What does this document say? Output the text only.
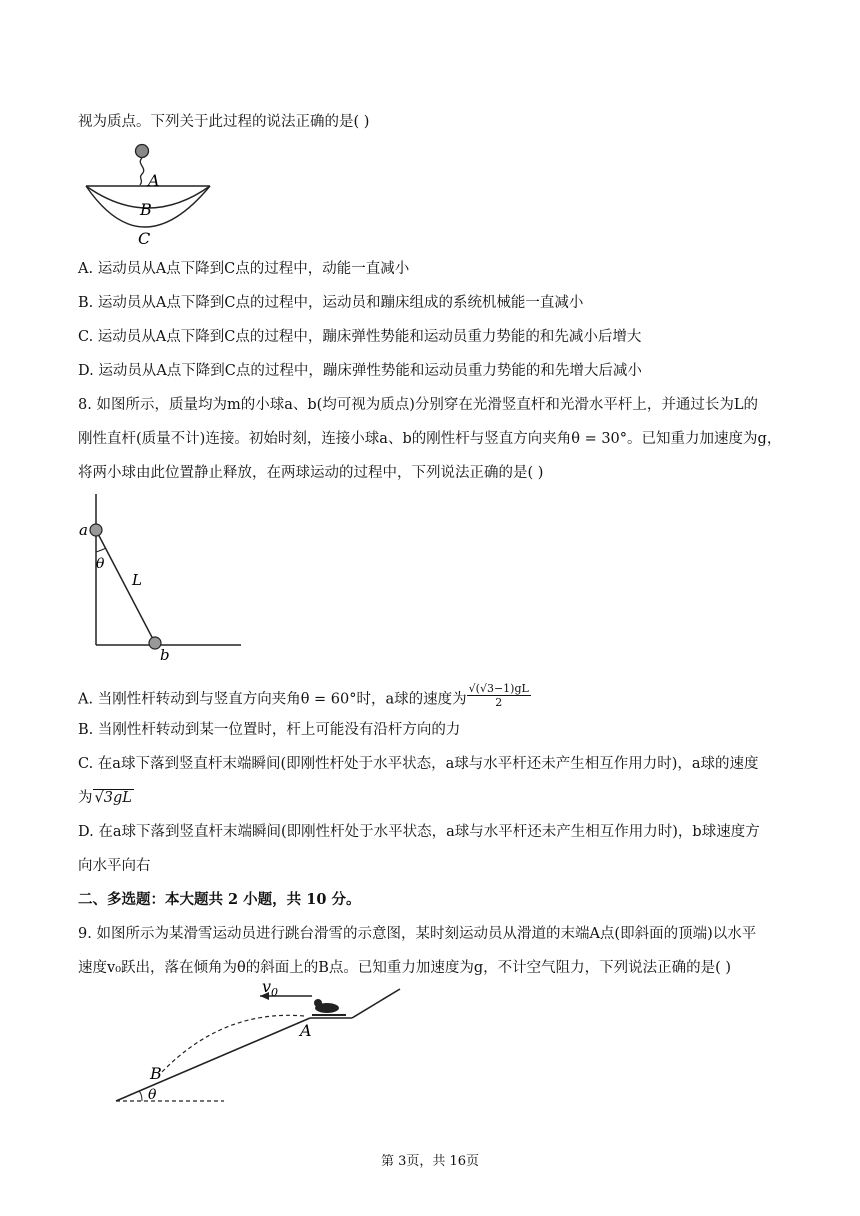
视为质点。下列关于此过程的说法正确的是( )
A
B
C
A. 运动员从A点下降到C点的过程中，动能一直减小
B. 运动员从A点下降到C点的过程中，运动员和蹦床组成的系统机械能一直减小
C. 运动员从A点下降到C点的过程中，蹦床弹性势能和运动员重力势能的和先减小后增大
D. 运动员从A点下降到C点的过程中，蹦床弹性势能和运动员重力势能的和先增大后减小
8. 如图所示，质量均为m的小球a、b(均可视为质点)分别穿在光滑竖直杆和光滑水平杆上，并通过长为L的
刚性直杆(质量不计)连接。初始时刻，连接小球a、b的刚性杆与竖直方向夹角θ = 30°。已知重力加速度为g，
将两小球由此位置静止释放，在两球运动的过程中，下列说法正确的是( )
a
θ
L
b
A. 当刚性杆转动到与竖直方向夹角θ = 60°时，a球的速度为 $\frac{√(√3-1)gL}{2}$
B. 当刚性杆转动到某一位置时，杆上可能没有沿杆方向的力
C. 在a球下落到竖直杆末端瞬间(即刚性杆处于水平状态，a球与水平杆还未产生相互作用力时)，a球的速度
为 √3gL
D. 在a球下落到竖直杆末端瞬间(即刚性杆处于水平状态，a球与水平杆还未产生相互作用力时)，b球速度方
向水平向右
二、多选题：本大题共 2 小题，共 10 分。
9. 如图所示为某滑雪运动员进行跳台滑雪的示意图，某时刻运动员从滑道的末端A点(即斜面的顶端)以水平
速度v₀跃出，落在倾角为θ的斜面上的B点。已知重力加速度为g，不计空气阻力，下列说法正确的是( )
$v_0$
A
B
θ
第 3页，共 16页
